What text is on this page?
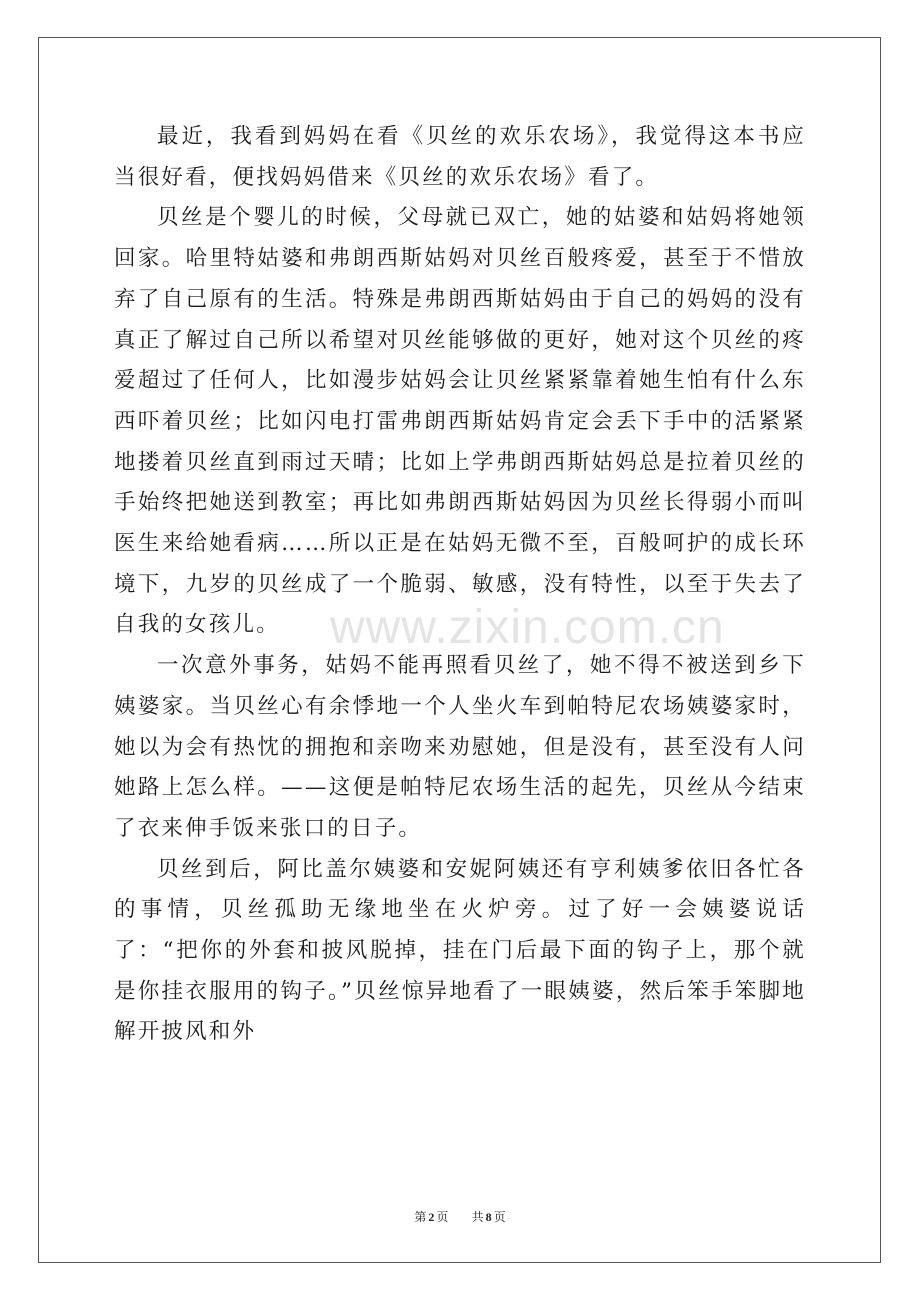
www.zixin.com.cn

最近，我看到妈妈在看《贝丝的欢乐农场》，我觉得这本书应当很好看，便找妈妈借来《贝丝的欢乐农场》看了。

贝丝是个婴儿的时候，父母就已双亡，她的姑婆和姑妈将她领回家。哈里特姑婆和弗朗西斯姑妈对贝丝百般疼爱，甚至于不惜放弃了自己原有的生活。特殊是弗朗西斯姑妈由于自己的妈妈的没有真正了解过自己所以希望对贝丝能够做的更好，她对这个贝丝的疼爱超过了任何人，比如漫步姑妈会让贝丝紧紧靠着她生怕有什么东西吓着贝丝；比如闪电打雷弗朗西斯姑妈肯定会丢下手中的活紧紧地搂着贝丝直到雨过天晴；比如上学弗朗西斯姑妈总是拉着贝丝的手始终把她送到教室；再比如弗朗西斯姑妈因为贝丝长得弱小而叫医生来给她看病……所以正是在姑妈无微不至，百般呵护的成长环境下，九岁的贝丝成了一个脆弱、敏感，没有特性，以至于失去了自我的女孩儿。

一次意外事务，姑妈不能再照看贝丝了，她不得不被送到乡下姨婆家。当贝丝心有余悸地一个人坐火车到帕特尼农场姨婆家时，她以为会有热忱的拥抱和亲吻来劝慰她，但是没有，甚至没有人问她路上怎么样。——这便是帕特尼农场生活的起先，贝丝从今结束了衣来伸手饭来张口的日子。

贝丝到后，阿比盖尔姨婆和安妮阿姨还有亨利姨爹依旧各忙各的事情，贝丝孤助无缘地坐在火炉旁。过了好一会姨婆说话了：“把你的外套和披风脱掉，挂在门后最下面的钩子上，那个就是你挂衣服用的钩子。”贝丝惊异地看了一眼姨婆，然后笨手笨脚地解开披风和外

第 2 页 共 8 页
